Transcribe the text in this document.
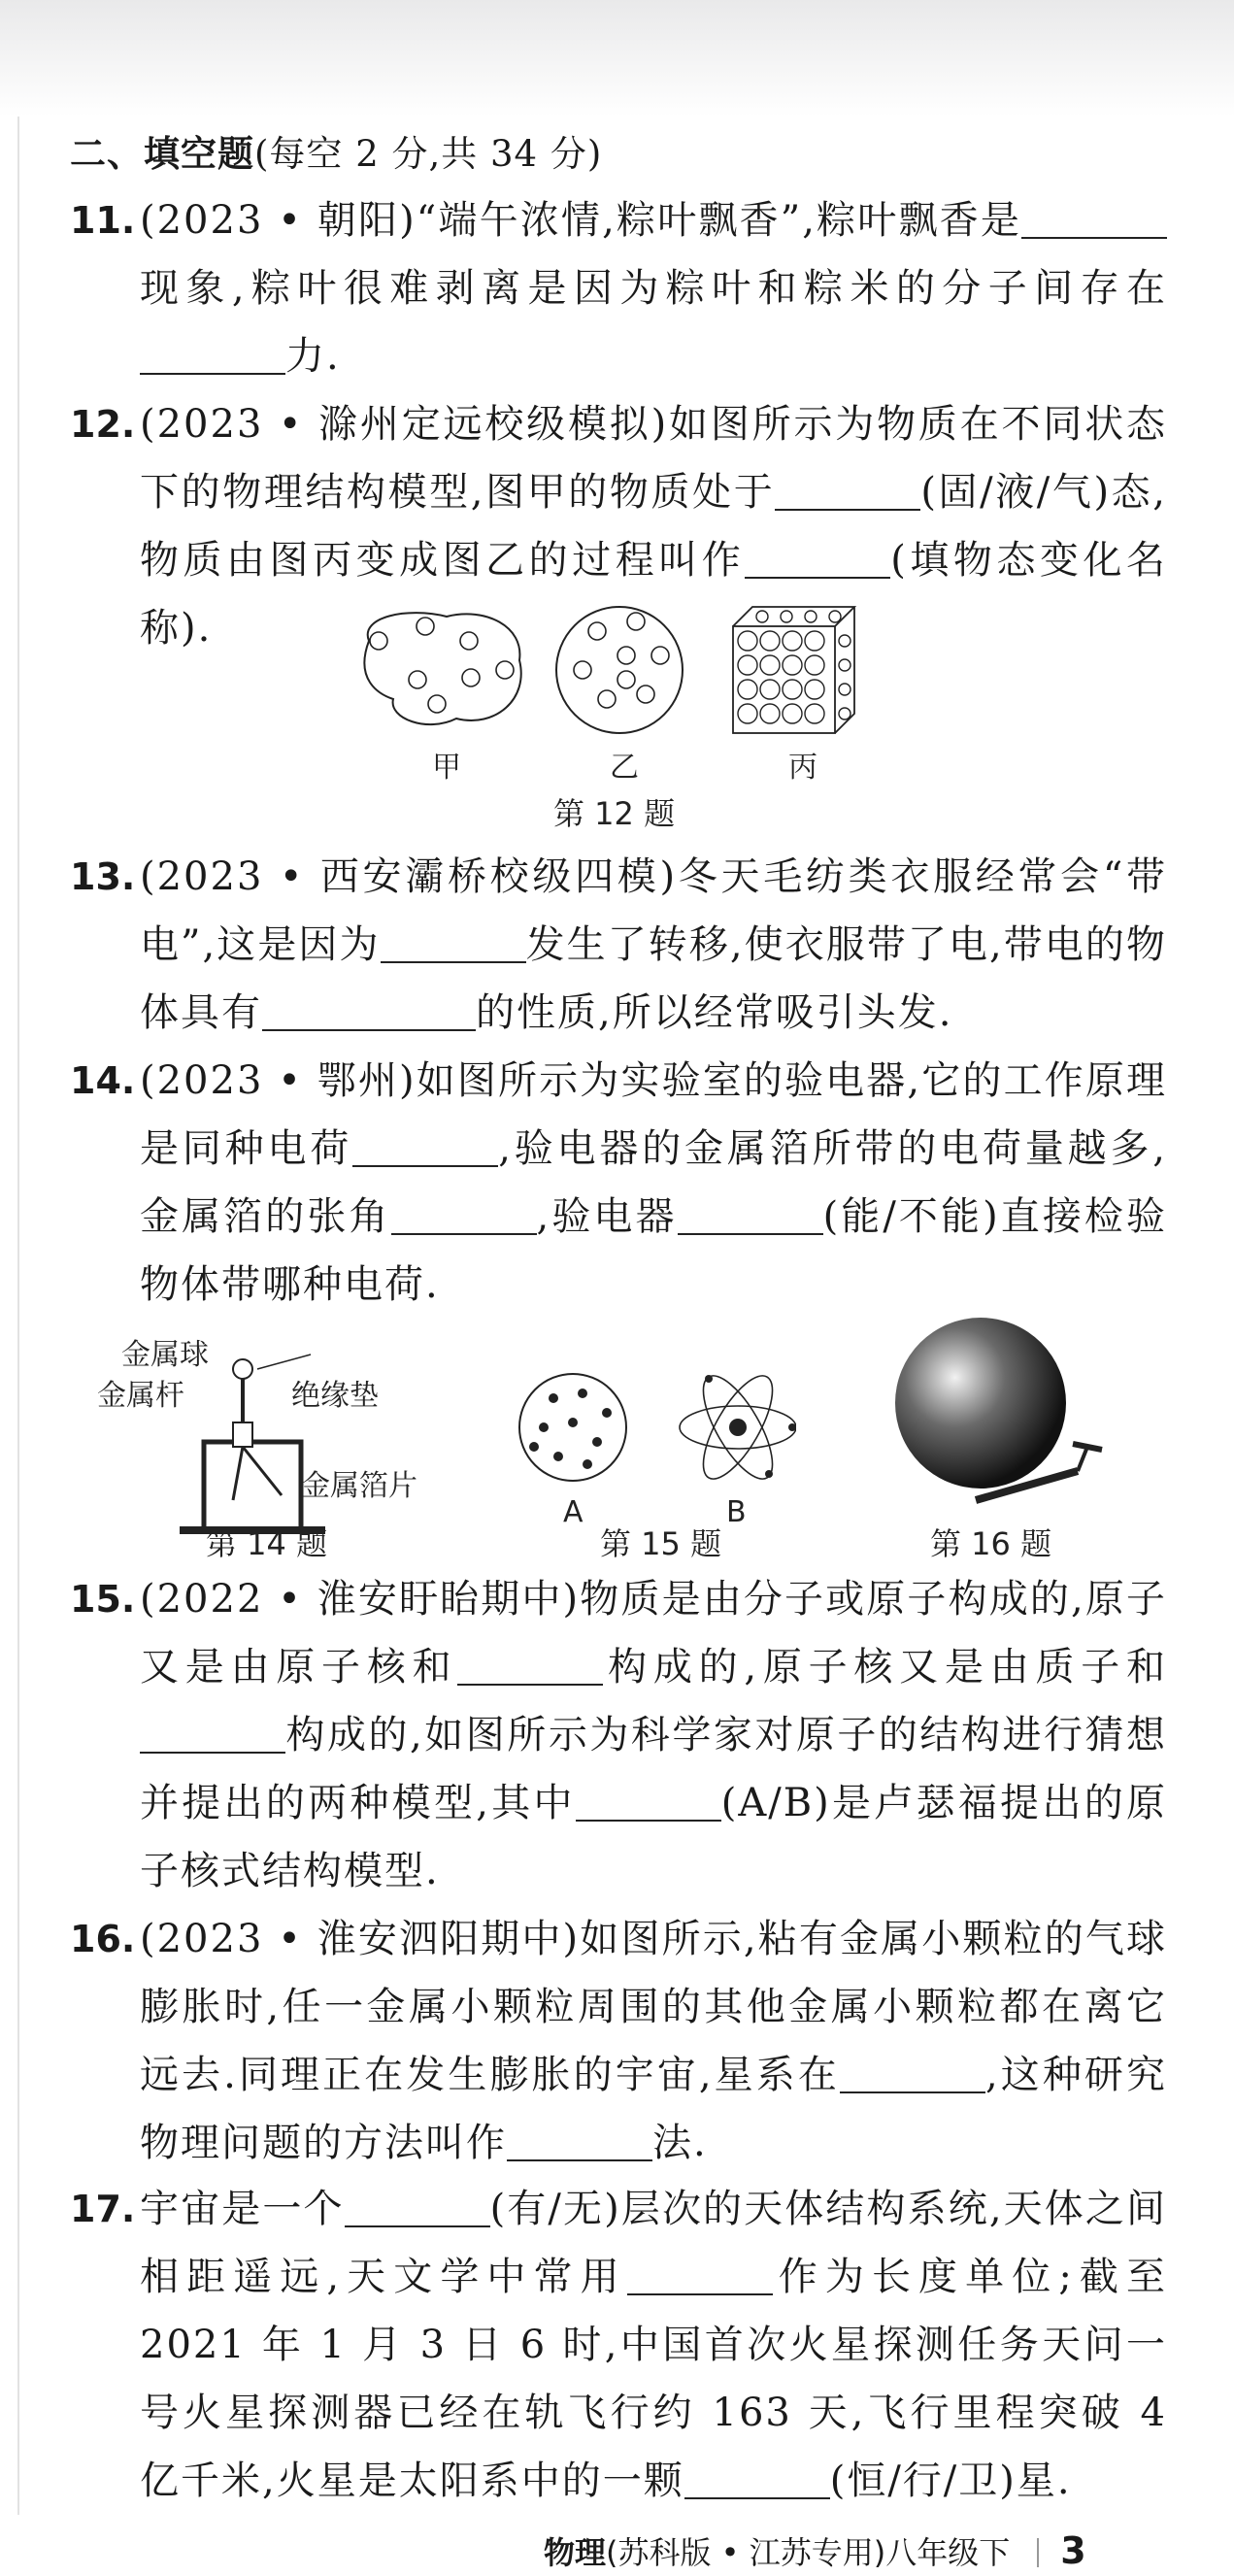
二、填空题(每空 2 分,共 34 分)
11. (2023 • 朝阳)“端午浓情,粽叶飘香”,粽叶飘香是现象,粽叶很难剥离是因为粽叶和粽米的分子间存在力.
12. (2023 • 滁州定远校级模拟)如图所示为物质在不同状态下的物理结构模型,图甲的物质处于	(固/液/气)态,物质由图丙变成图乙的过程叫作	(填物态变化名称).
甲	乙	丙
第 12 题
13. (2023 • 西安灞桥校级四模)冬天毛纺类衣服经常会“带电”,这是因为	发生了转移,使衣服带了电,带电的物体具有	的性质,所以经常吸引头发.
14. (2023 • 鄂州)如图所示为实验室的验电器,它的工作原理是同种电荷	,验电器的金属箔所带的电荷量越多,金属箔的张角	,验电器	(能/不能)直接检验物体带哪种电荷.
金属球
金属杆	绝缘垫
金属箔片
第 14 题
A	B
第 15 题	第 16 题
15. (2022 • 淮安盱眙期中)物质是由分子或原子构成的,原子又是由原子核和	构成的,原子核又是由质子和构成的,如图所示为科学家对原子的结构进行猜想并提出的两种模型,其中	(A/B)是卢瑟福提出的原子核式结构模型.
16. (2023 • 淮安泗阳期中)如图所示,粘有金属小颗粒的气球膨胀时,任一金属小颗粒周围的其他金属小颗粒都在离它远去.同理正在发生膨胀的宇宙,星系在	,这种研究物理问题的方法叫作	法.
17. 宇宙是一个	(有/无)层次的天体结构系统,天体之间相距遥远,天文学中常用	作为长度单位;截至 2021 年 1 月 3 日 6 时,中国首次火星探测任务天问一号火星探测器已经在轨飞行约 163 天,飞行里程突破 4 亿千米,火星是太阳系中的一颗	(恒/行/卫)星.
物理(苏科版 • 江苏专用)八年级下 3
